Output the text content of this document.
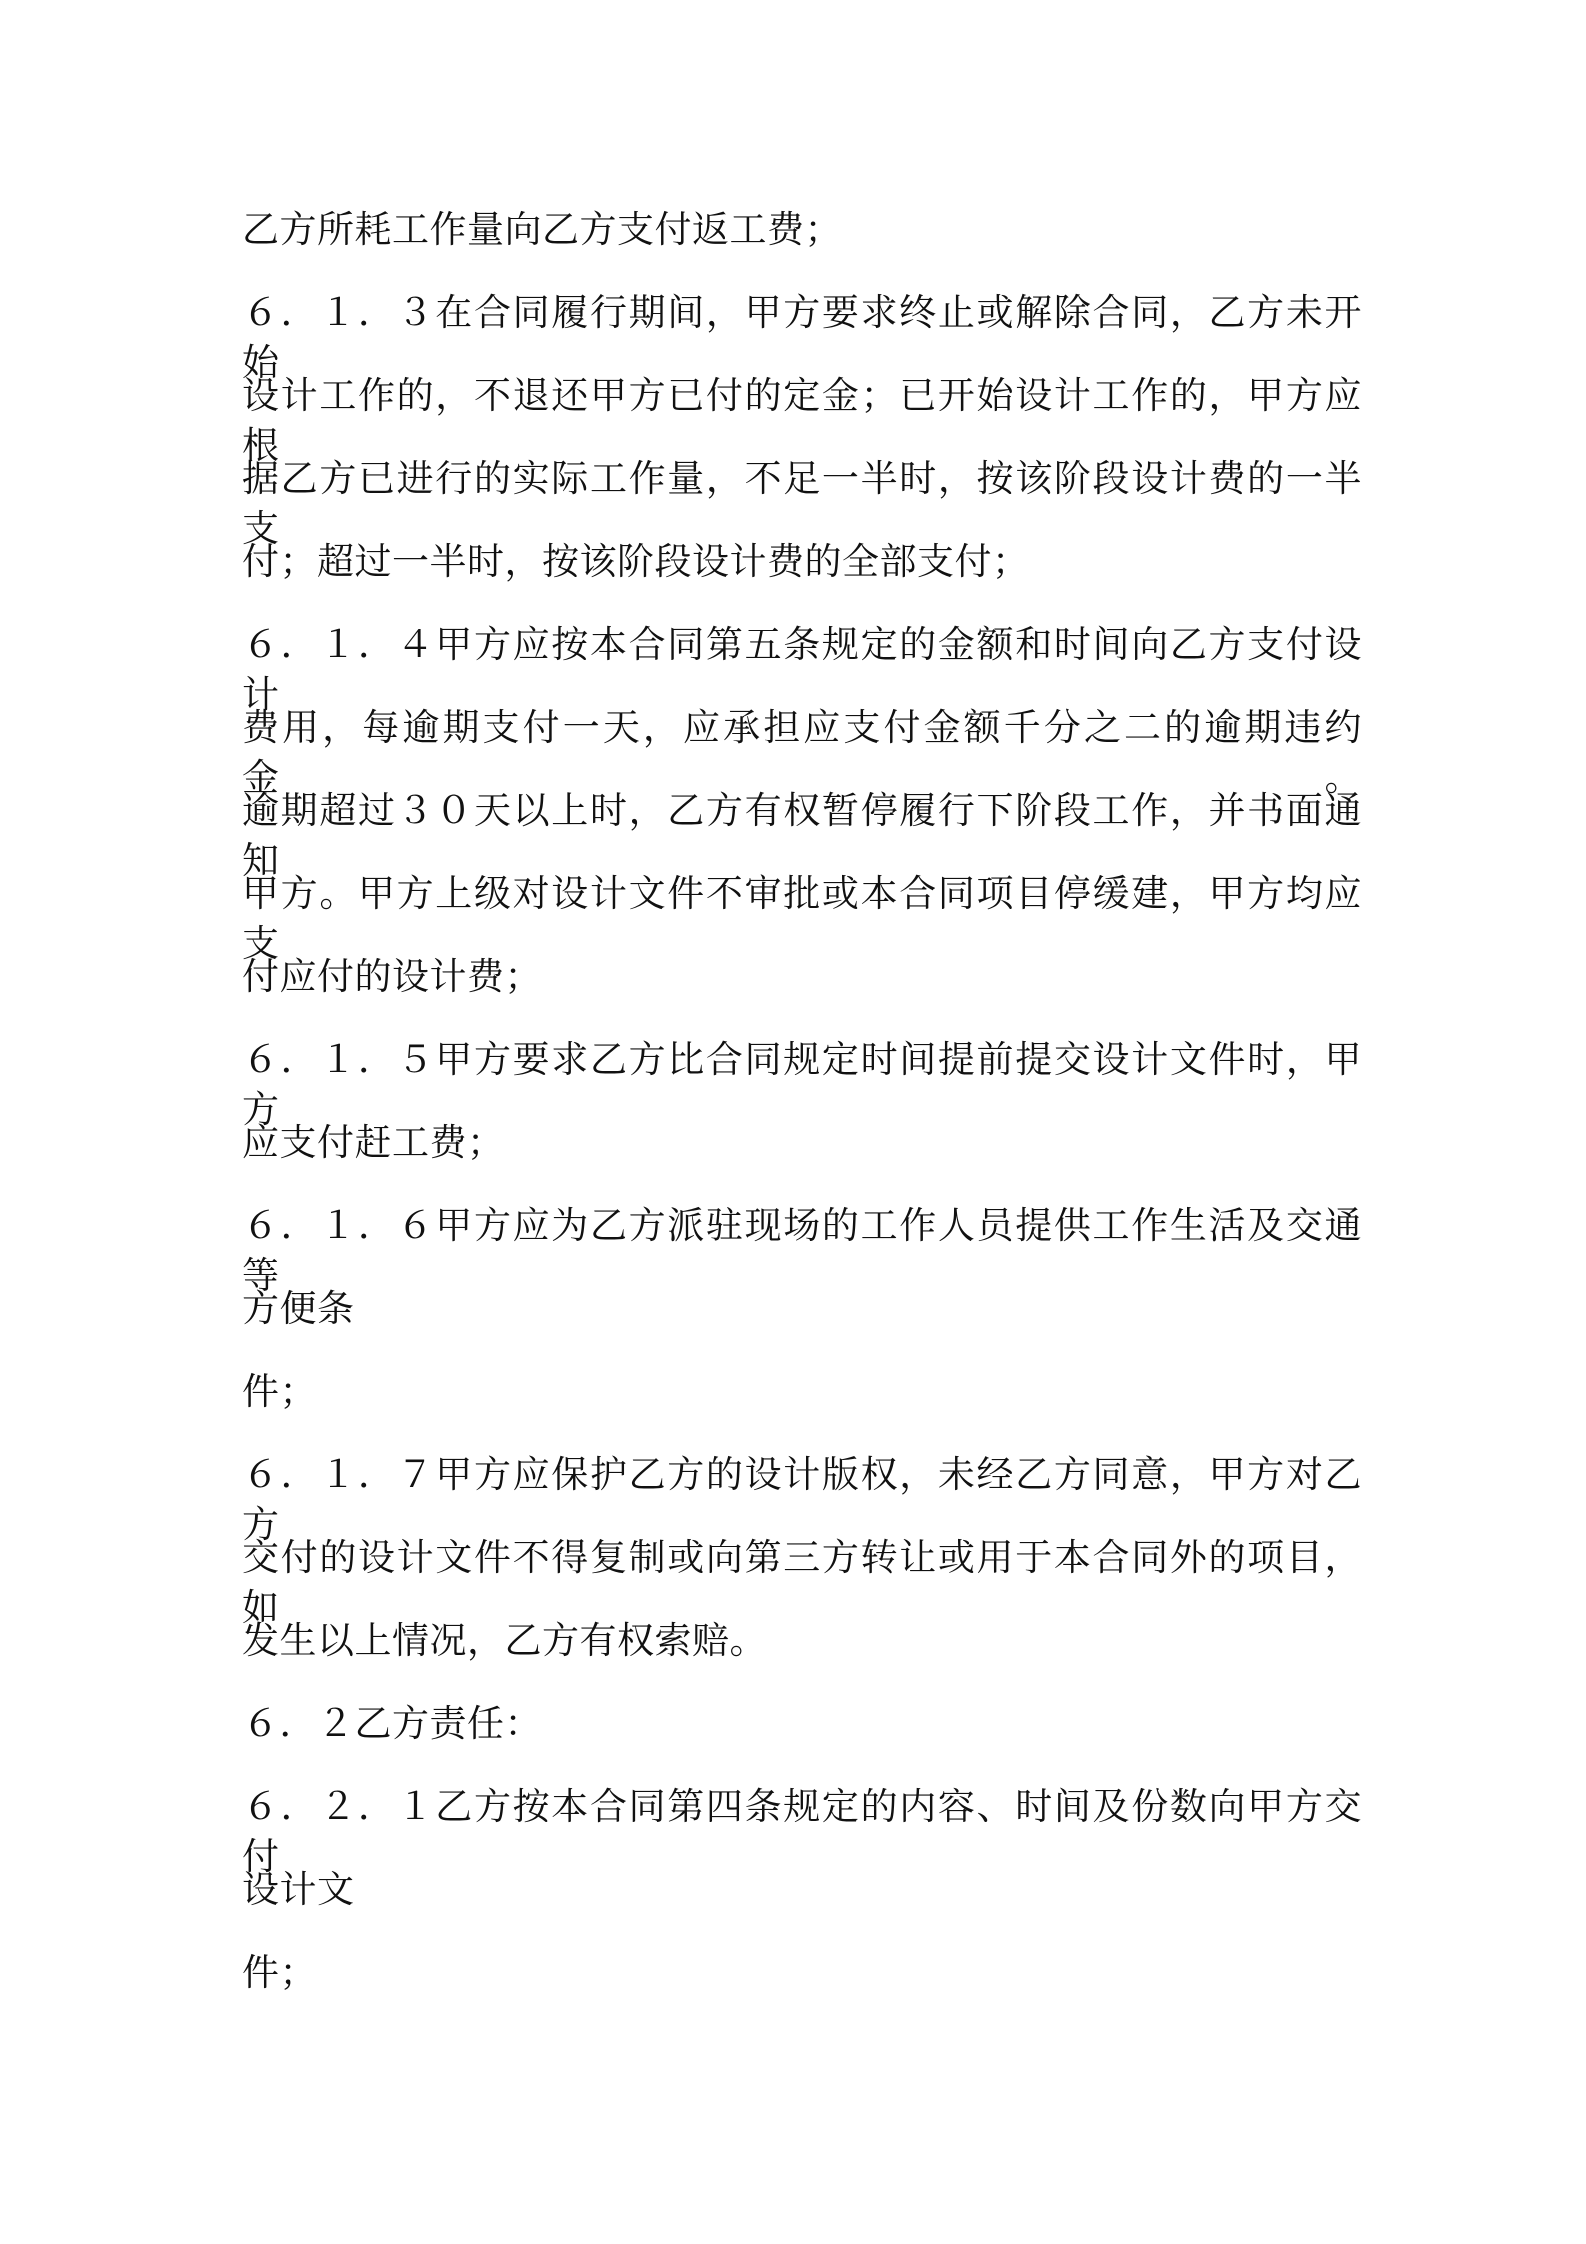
乙方所耗工作量向乙方支付返工费；
６．１．３在合同履行期间，甲方要求终止或解除合同，乙方未开始
设计工作的，不退还甲方已付的定金；已开始设计工作的，甲方应根
据乙方已进行的实际工作量，不足一半时，按该阶段设计费的一半支
付；超过一半时，按该阶段设计费的全部支付；
６．１．４甲方应按本合同第五条规定的金额和时间向乙方支付设计
费用，每逾期支付一天，应承担应支付金额千分之二的逾期违约金。
逾期超过３０天以上时，乙方有权暂停履行下阶段工作，并书面通知
甲方。甲方上级对设计文件不审批或本合同项目停缓建，甲方均应支
付应付的设计费；
６．１．５甲方要求乙方比合同规定时间提前提交设计文件时，甲方
应支付赶工费；
６．１．６甲方应为乙方派驻现场的工作人员提供工作生活及交通等
方便条
件；
６．１．７甲方应保护乙方的设计版权，未经乙方同意，甲方对乙方
交付的设计文件不得复制或向第三方转让或用于本合同外的项目，如
发生以上情况，乙方有权索赔。
６．２乙方责任：
６．２．１乙方按本合同第四条规定的内容、时间及份数向甲方交付
设计文
件；
